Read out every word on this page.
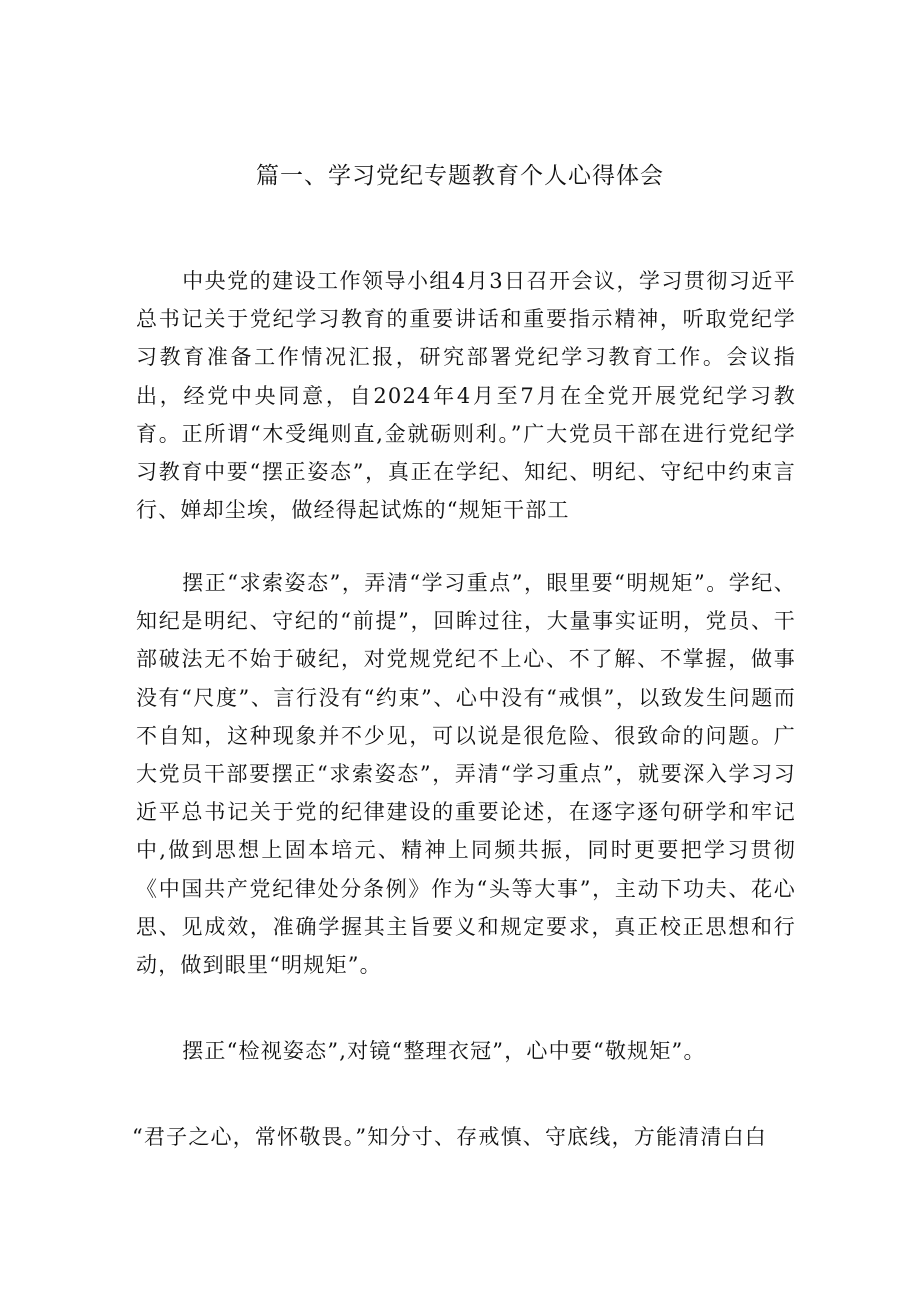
篇一、学习党纪专题教育个人心得体会

中央党的建设工作领导小组4月3日召开会议，学习贯彻习近平总书记关于党纪学习教育的重要讲话和重要指示精神，听取党纪学习教育准备工作情况汇报，研究部署党纪学习教育工作。会议指出，经党中央同意，自2024年4月至7月在全党开展党纪学习教育。正所谓“木受绳则直,金就砺则利。”广大党员干部在进行党纪学习教育中要“摆正姿态”，真正在学纪、知纪、明纪、守纪中约束言行、婵却尘埃，做经得起试炼的“规矩干部工

摆正“求索姿态”，弄清“学习重点”，眼里要“明规矩”。学纪、知纪是明纪、守纪的“前提”，回眸过往，大量事实证明，党员、干部破法无不始于破纪，对党规党纪不上心、不了解、不掌握，做事没有“尺度”、言行没有“约束”、心中没有“戒惧”，以致发生问题而不自知，这种现象并不少见，可以说是很危险、很致命的问题。广大党员干部要摆正“求索姿态”，弄清“学习重点”，就要深入学习习近平总书记关于党的纪律建设的重要论述，在逐字逐句研学和牢记中,做到思想上固本培元、精神上同频共振，同时更要把学习贯彻《中国共产党纪律处分条例》作为“头等大事”，主动下功夫、花心思、见成效，准确学握其主旨要义和规定要求，真正校正思想和行动，做到眼里“明规矩”。

摆正“检视姿态”,对镜“整理衣冠”，心中要“敬规矩”。

“君子之心，常怀敬畏。”知分寸、存戒慎、守底线，方能清清白白
